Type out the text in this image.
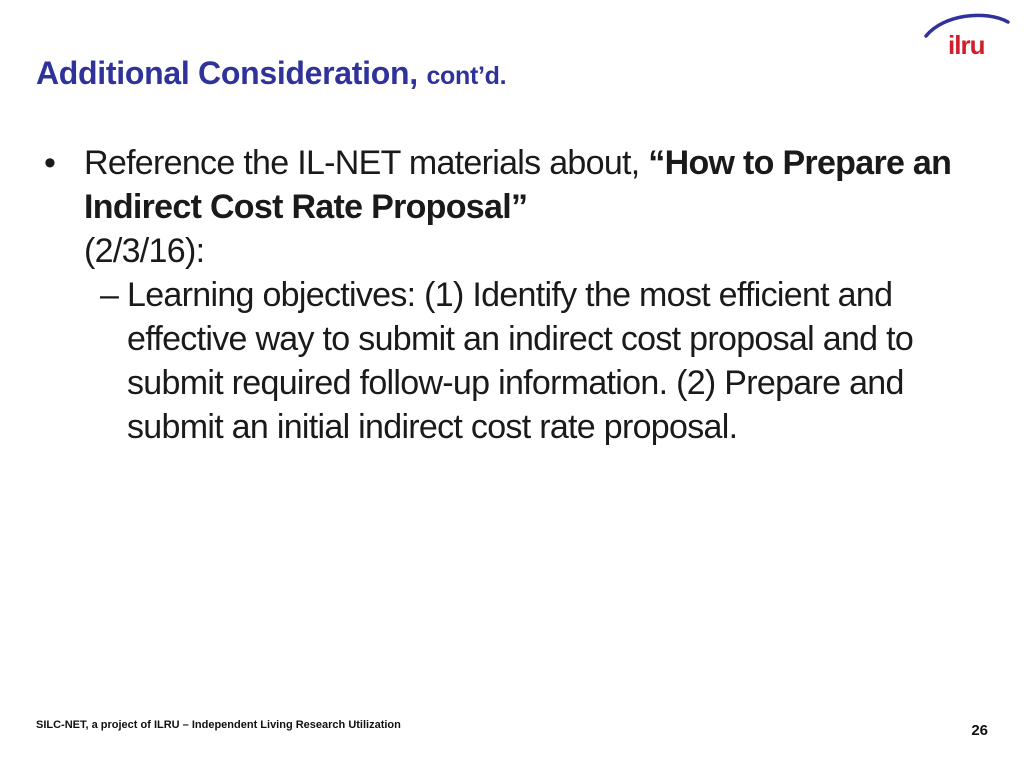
ilru
Additional Consideration, cont’d.
• Reference the IL-NET materials about, “How to Prepare an Indirect Cost Rate Proposal”
(2/3/16):
– Learning objectives: (1) Identify the most efficient and effective way to submit an indirect cost proposal and to submit required follow-up information. (2) Prepare and submit an initial indirect cost rate proposal.
SILC-NET, a project of ILRU – Independent Living Research Utilization	26
